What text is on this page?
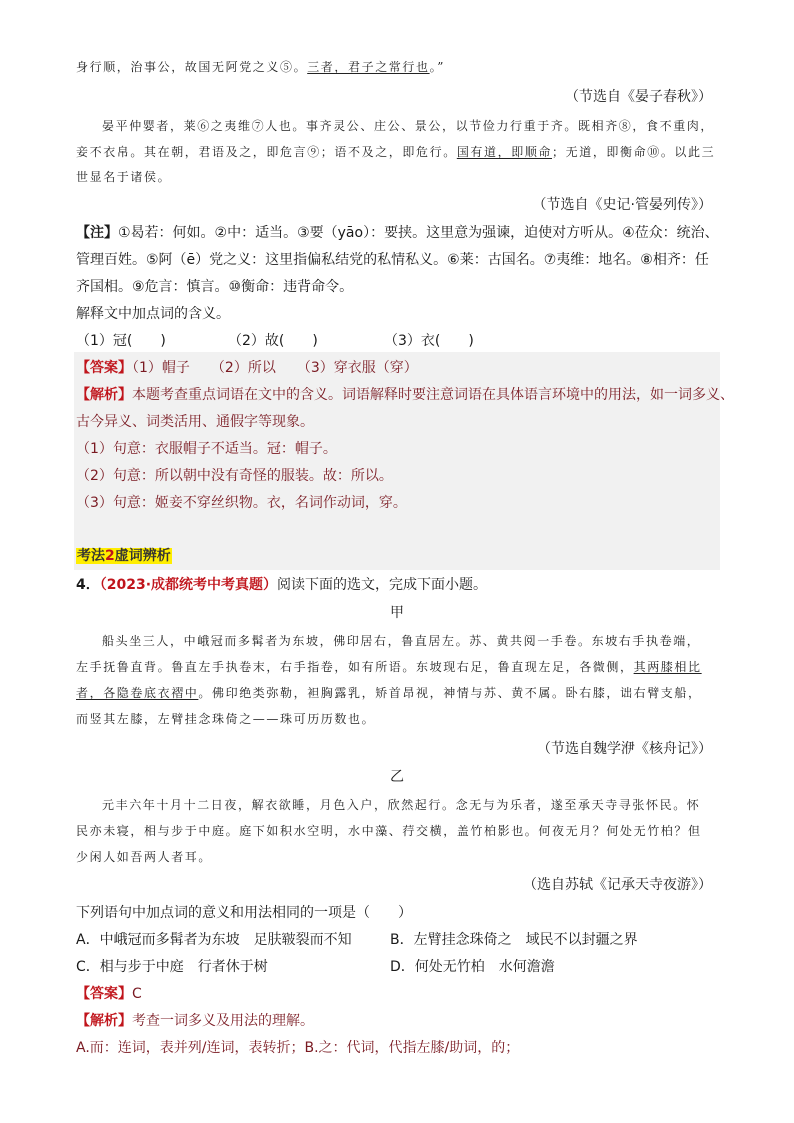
身行顺，治事公，故国无阿党之义⑤。三者，君子之常行也。”
（节选自《晏子春秋》）
晏平仲婴者，莱⑥之夷维⑦人也。事齐灵公、庄公、景公，以节俭力行重于齐。既相齐⑧，食不重肉，
妾不衣帛。其在朝，君语及之，即危言⑨；语不及之，即危行。国有道，即顺命；无道，即衡命⑩。以此三
世显名于诸侯。
（节选自《史记·管晏列传》）
【注】①曷若：何如。②中：适当。③要（yāo）：要挟。这里意为强谏，迫使对方听从。④莅众：统治、
管理百姓。⑤阿（ē）党之义：这里指偏私结党的私情私义。⑥莱：古国名。⑦夷维：地名。⑧相齐：任
齐国相。⑨危言：慎言。⑩衡命：违背命令。
解释文中加点词的含义。
（1）冠(　　)	（2）故(　　)	（3）衣(　　)
【答案】（1）帽子　　（2）所以　　（3）穿衣服（穿）
【解析】本题考查重点词语在文中的含义。词语解释时要注意词语在具体语言环境中的用法，如一词多义、
古今异义、词类活用、通假字等现象。
（1）句意：衣服帽子不适当。冠：帽子。
（2）句意：所以朝中没有奇怪的服装。故：所以。
（3）句意：姬妾不穿丝织物。衣，名词作动词，穿。
考法2虚词辨析
4．（2023·成都统考中考真题）阅读下面的选文，完成下面小题。
甲
船头坐三人，中峨冠而多髯者为东坡，佛印居右，鲁直居左。苏、黄共阅一手卷。东坡右手执卷端，
左手抚鲁直背。鲁直左手执卷末，右手指卷，如有所语。东坡现右足，鲁直现左足，各微侧，其两膝相比
者，各隐卷底衣褶中。佛印绝类弥勒，袒胸露乳，矫首昂视，神情与苏、黄不属。卧右膝，诎右臂支船，
而竖其左膝，左臂挂念珠倚之——珠可历历数也。
（节选自魏学洢《核舟记》）
乙
元丰六年十月十二日夜，解衣欲睡，月色入户，欣然起行。念无与为乐者，遂至承天寺寻张怀民。怀
民亦未寝，相与步于中庭。庭下如积水空明，水中藻、荇交横，盖竹柏影也。何夜无月？何处无竹柏？但
少闲人如吾两人者耳。
（选自苏轼《记承天寺夜游》）
下列语句中加点词的意义和用法相同的一项是（　　）
A．中峨冠而多髯者为东坡　足肤皲裂而不知	B．左臂挂念珠倚之　域民不以封疆之界
C．相与步于中庭　行者休于树	D．何处无竹柏　水何澹澹
【答案】C
【解析】考查一词多义及用法的理解。
A.而：连词，表并列/连词，表转折；B.之：代词，代指左膝/助词，的；
